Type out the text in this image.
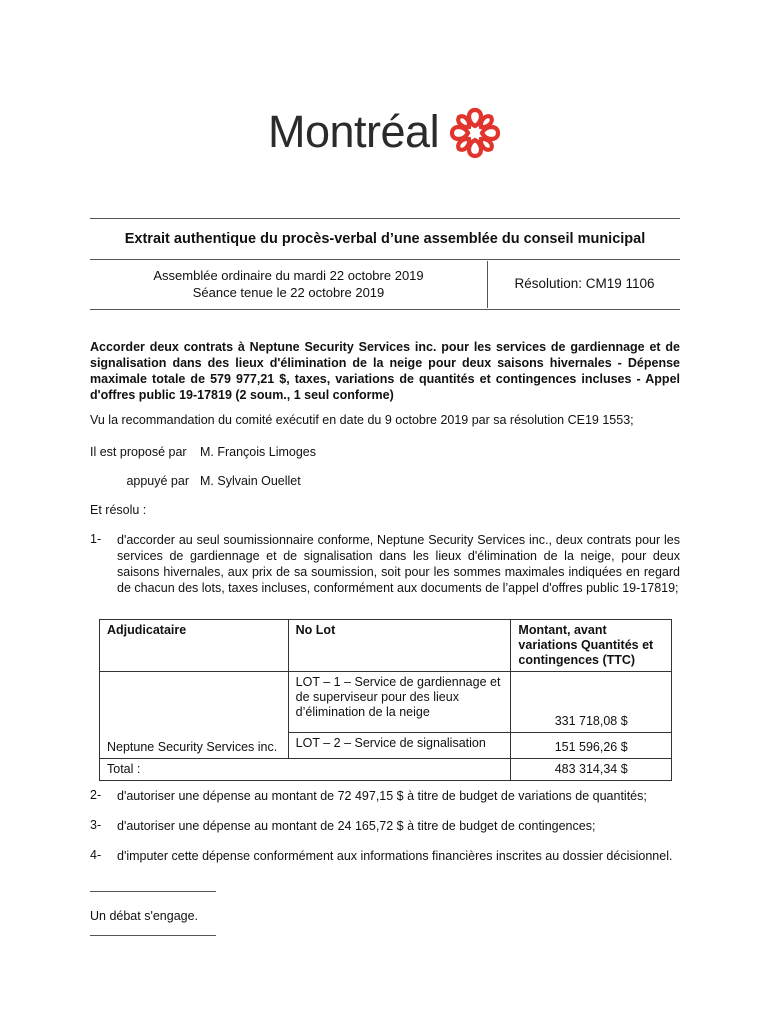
Montréal
Extrait authentique du procès-verbal d’une assemblée du conseil municipal
Assemblée ordinaire du mardi 22 octobre 2019
Séance tenue le 22 octobre 2019
Résolution: CM19 1106
Accorder deux contrats à Neptune Security Services inc. pour les services de gardiennage et de signalisation dans des lieux d'élimination de la neige pour deux saisons hivernales - Dépense maximale totale de 579 977,21 $, taxes, variations de quantités et contingences incluses - Appel d'offres public 19-17819 (2 soum., 1 seul conforme)
Vu la recommandation du comité exécutif en date du 9 octobre 2019 par sa résolution CE19 1553;
Il est proposé par M. François Limoges
appuyé par M. Sylvain Ouellet
Et résolu :
1- d'accorder au seul soumissionnaire conforme, Neptune Security Services inc., deux contrats pour les services de gardiennage et de signalisation dans les lieux d'élimination de la neige, pour deux saisons hivernales, aux prix de sa soumission, soit pour les sommes maximales indiquées en regard de chacun des lots, taxes incluses, conformément aux documents de l’appel d'offres public 19-17819;
Adjudicataire	No Lot	Montant, avant variations Quantités et contingences (TTC)
Neptune Security Services inc.	LOT – 1 – Service de gardiennage et de superviseur pour des lieux d’élimination de la neige	331 718,08 $
	LOT – 2 – Service de signalisation	151 596,26 $
Total :		483 314,34 $
2- d'autoriser une dépense au montant de 72 497,15 $ à titre de budget de variations de quantités;
3- d'autoriser une dépense au montant de 24 165,72 $ à titre de budget de contingences;
4- d'imputer cette dépense conformément aux informations financières inscrites au dossier décisionnel.
Un débat s'engage.
